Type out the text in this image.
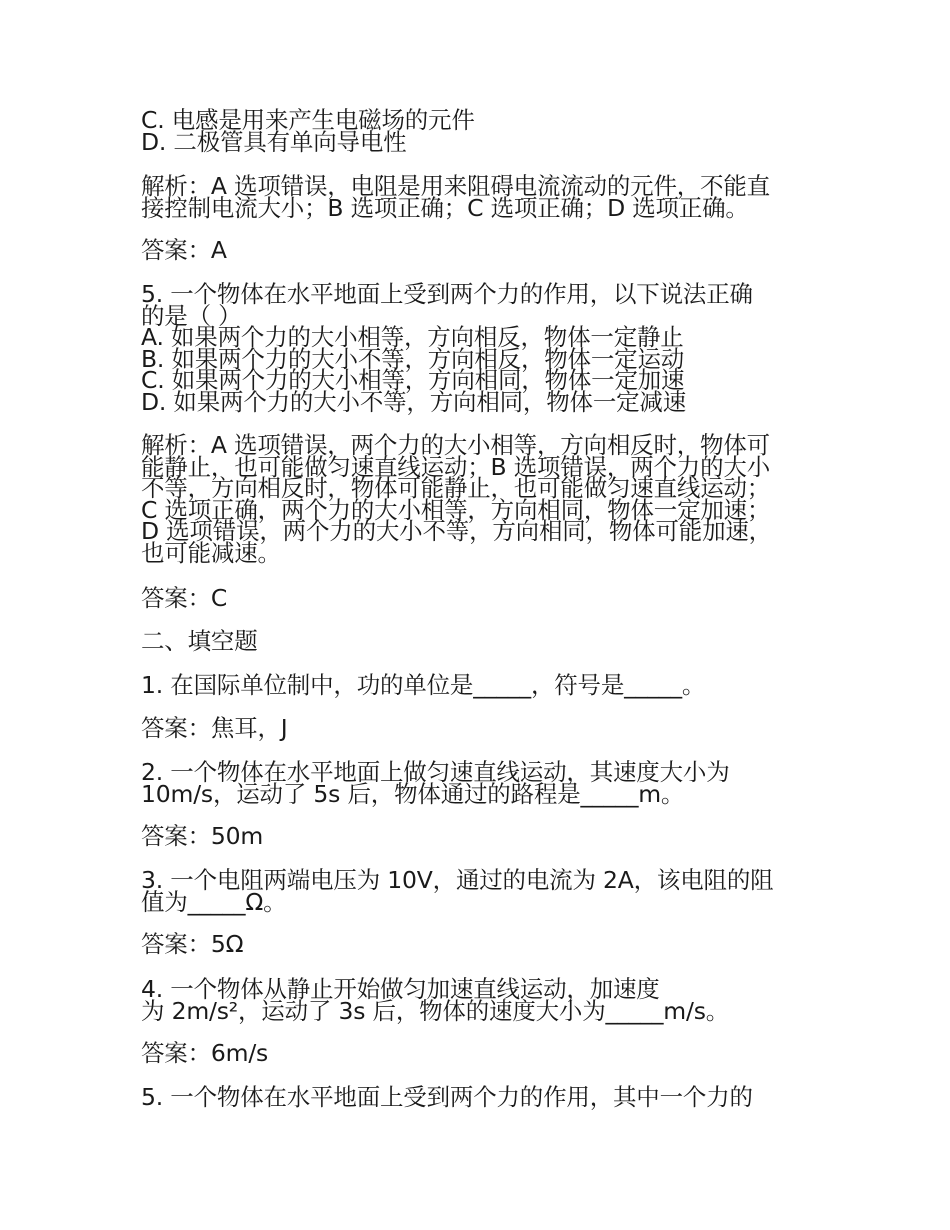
C. 电感是用来产生电磁场的元件
D. 二极管具有单向导电性
解析：A 选项错误，电阻是用来阻碍电流流动的元件，不能直
接控制电流大小；B 选项正确；C 选项正确；D 选项正确。
答案：A
5. 一个物体在水平地面上受到两个力的作用，以下说法正确
的是（ ）
A. 如果两个力的大小相等，方向相反，物体一定静止
B. 如果两个力的大小不等，方向相反，物体一定运动
C. 如果两个力的大小相等，方向相同，物体一定加速
D. 如果两个力的大小不等，方向相同，物体一定减速
解析：A 选项错误，两个力的大小相等，方向相反时，物体可
能静止，也可能做匀速直线运动；B 选项错误，两个力的大小
不等，方向相反时，物体可能静止，也可能做匀速直线运动；
C 选项正确，两个力的大小相等，方向相同，物体一定加速；
D 选项错误，两个力的大小不等，方向相同，物体可能加速，
也可能减速。
答案：C
二、填空题
1. 在国际单位制中，功的单位是_____，符号是_____。
答案：焦耳，J
2. 一个物体在水平地面上做匀速直线运动，其速度大小为
10m/s，运动了 5s 后，物体通过的路程是_____m。
答案：50m
3. 一个电阻两端电压为 10V，通过的电流为 2A，该电阻的阻
值为_____Ω。
答案：5Ω
4. 一个物体从静止开始做匀加速直线运动，加速度
为 2m/s²，运动了 3s 后，物体的速度大小为_____m/s。
答案：6m/s
5. 一个物体在水平地面上受到两个力的作用，其中一个力的
